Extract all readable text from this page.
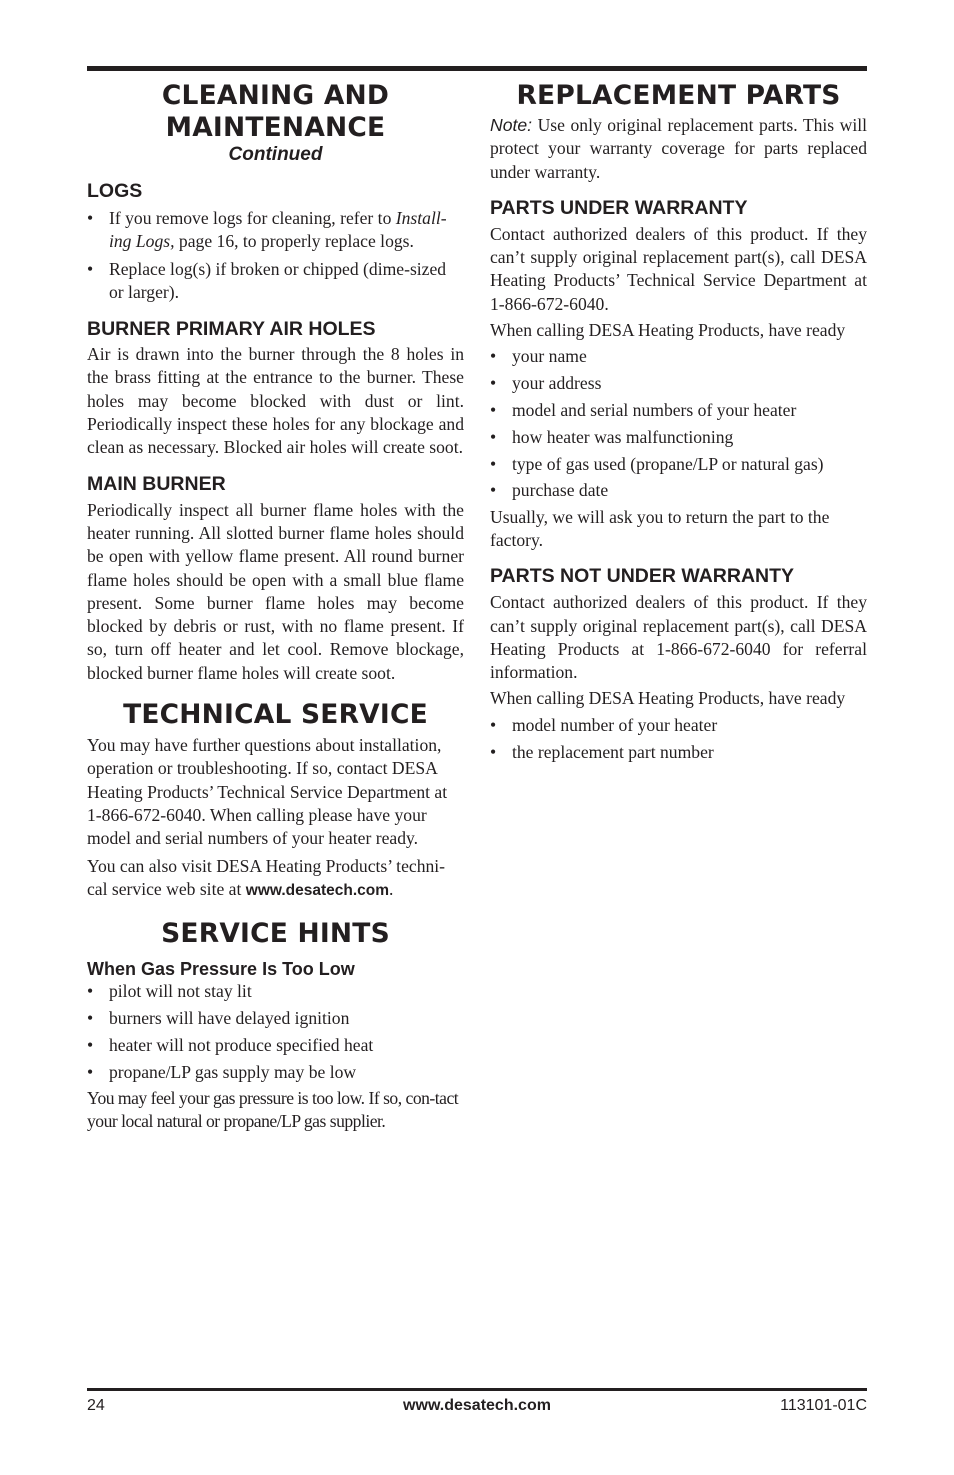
CLEANING AND
MAINTENANCE

Continued

LOGS
• If you remove logs for cleaning, refer to Install-ing Logs, page 16, to properly replace logs.
• Replace log(s) if broken or chipped (dime-sized or larger).
BURNER PRIMARY AIR HOLES

Air is drawn into the burner through the 8 holes in the brass fitting at the entrance to the burner. These holes may become blocked with dust or lint. Periodically inspect these holes for any blockage and clean as necessary. Blocked air holes will create soot.

MAIN BURNER

Periodically inspect all burner flame holes with the heater running. All slotted burner flame holes should be open with yellow flame present. All round burner flame holes should be open with a small blue flame present. Some burner flame holes may become blocked by debris or rust, with no flame present. If so, turn off heater and let cool. Remove blockage, blocked burner flame holes will create soot.

TECHNICAL SERVICE

You may have further questions about installation, operation or troubleshooting. If so, contact DESA Heating Products’ Technical Service Department at 1-866-672-6040. When calling please have your model and serial numbers of your heater ready.

You can also visit DESA Heating Products’ techni-cal service web site at www.desatech.com.

SERVICE HINTS
When Gas Pressure Is Too Low
• pilot will not stay lit
• burners will have delayed ignition
• heater will not produce specified heat
• propane/LP gas supply may be low

You may feel your gas pressure is too low. If so, con-tact your local natural or propane/LP gas supplier.

REPLACEMENT PARTS

Note: Use only original replacement parts. This will protect your warranty coverage for parts replaced under warranty.

PARTS UNDER WARRANTY

Contact authorized dealers of this product. If they can’t supply original replacement part(s), call DESA Heating Products’ Technical Service Department at 1-866-672-6040.

When calling DESA Heating Products, have ready

• your name
• your address
• model and serial numbers of your heater
• how heater was malfunctioning
• type of gas used (propane/LP or natural gas)
• purchase date

Usually, we will ask you to return the part to the factory.

PARTS NOT UNDER WARRANTY

Contact authorized dealers of this product. If they can’t supply original replacement part(s), call DESA Heating Products at 1-866-672-6040 for referral information.

When calling DESA Heating Products, have ready

• model number of your heater
• the replacement part number
24	www.desatech.com	113101-01C
